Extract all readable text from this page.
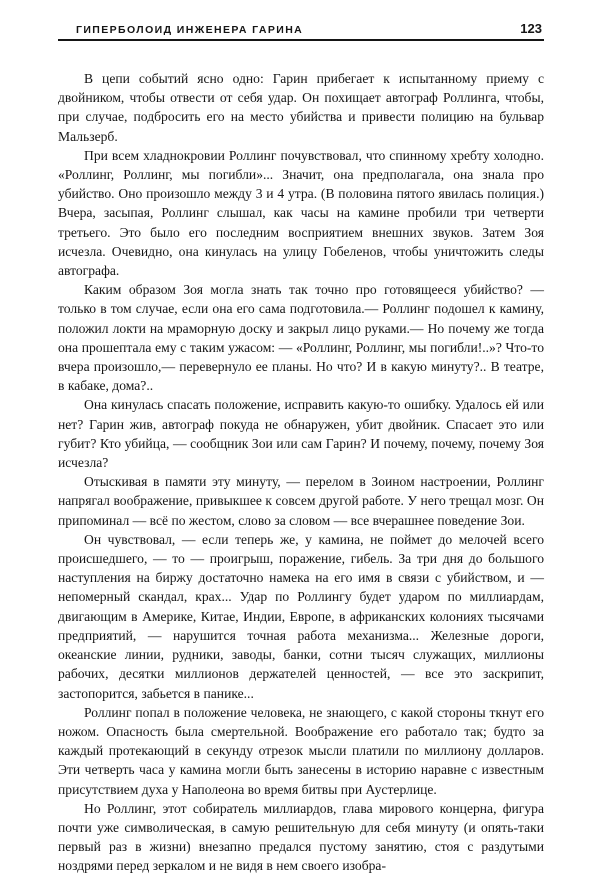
ГИПЕРБОЛОИД ИНЖЕНЕРА ГАРИНА	123

В цепи событий ясно одно: Гарин прибегает к испытанному приему с двойником, чтобы отвести от себя удар. Он похищает автограф Роллинга, чтобы, при случае, подбросить его на место убийства и привести полицию на бульвар Мальзерб.

При всем хладнокровии Роллинг почувствовал, что спинному хребту холодно. «Роллинг, Роллинг, мы погибли»... Значит, она предполагала, она знала про убийство. Оно произошло между 3 и 4 утра. (В половина пятого явилась полиция.) Вчера, засыпая, Роллинг слышал, как часы на камине пробили три четверти третьего. Это было его последним восприятием внешних звуков. Затем Зоя исчезла. Очевидно, она кинулась на улицу Гобеленов, чтобы уничтожить следы автографа.

Каким образом Зоя могла знать так точно про готовящееся убийство? — только в том случае, если она его сама подготовила.— Роллинг подошел к камину, положил локти на мраморную доску и закрыл лицо руками.— Но почему же тогда она прошептала ему с таким ужасом: — «Роллинг, Роллинг, мы погибли!..»? Что-то вчера произошло,— перевернуло ее планы. Но что? И в какую минуту?.. В театре, в кабаке, дома?..

Она кинулась спасать положение, исправить какую-то ошибку. Удалось ей или нет? Гарин жив, автограф покуда не обнаружен, убит двойник. Спасает это или губит? Кто убийца, — сообщник Зои или сам Гарин? И почему, почему, почему Зоя исчезла?

Отыскивая в памяти эту минуту, — перелом в Зоином настроении, Роллинг напрягал воображение, привыкшее к совсем другой работе. У него трещал мозг. Он припоминал — всё по жестом, слово за словом — все вчерашнее поведение Зои.

Он чувствовал, — если теперь же, у камина, не поймет до мелочей всего происшедшего, — то — проигрыш, поражение, гибель. За три дня до большого наступления на биржу достаточно намека на его имя в связи с убийством, и — непомерный скандал, крах... Удар по Роллингу будет ударом по миллиардам, двигающим в Америке, Китае, Индии, Европе, в африканских колониях тысячами предприятий, — нарушится точная работа механизма... Железные дороги, океанские линии, рудники, заводы, банки, сотни тысяч служащих, миллионы рабочих, десятки миллионов держателей ценностей, — все это заскрипит, застопорится, забьется в панике...

Роллинг попал в положение человека, не знающего, с какой стороны ткнут его ножом. Опасность была смертельной. Воображение его работало так; будто за каждый протекающий в секунду отрезок мысли платили по миллиону долларов. Эти четверть часа у камина могли быть занесены в историю наравне с известным присутствием духа у Наполеона во время битвы при Аустерлице.

Но Роллинг, этот собиратель миллиардов, глава мирового концерна, фигура почти уже символическая, в самую решительную для себя минуту (и опять-таки первый раз в жизни) внезапно предался пустому занятию, стоя с раздутыми ноздрями перед зеркалом и не видя в нем своего изобра-
